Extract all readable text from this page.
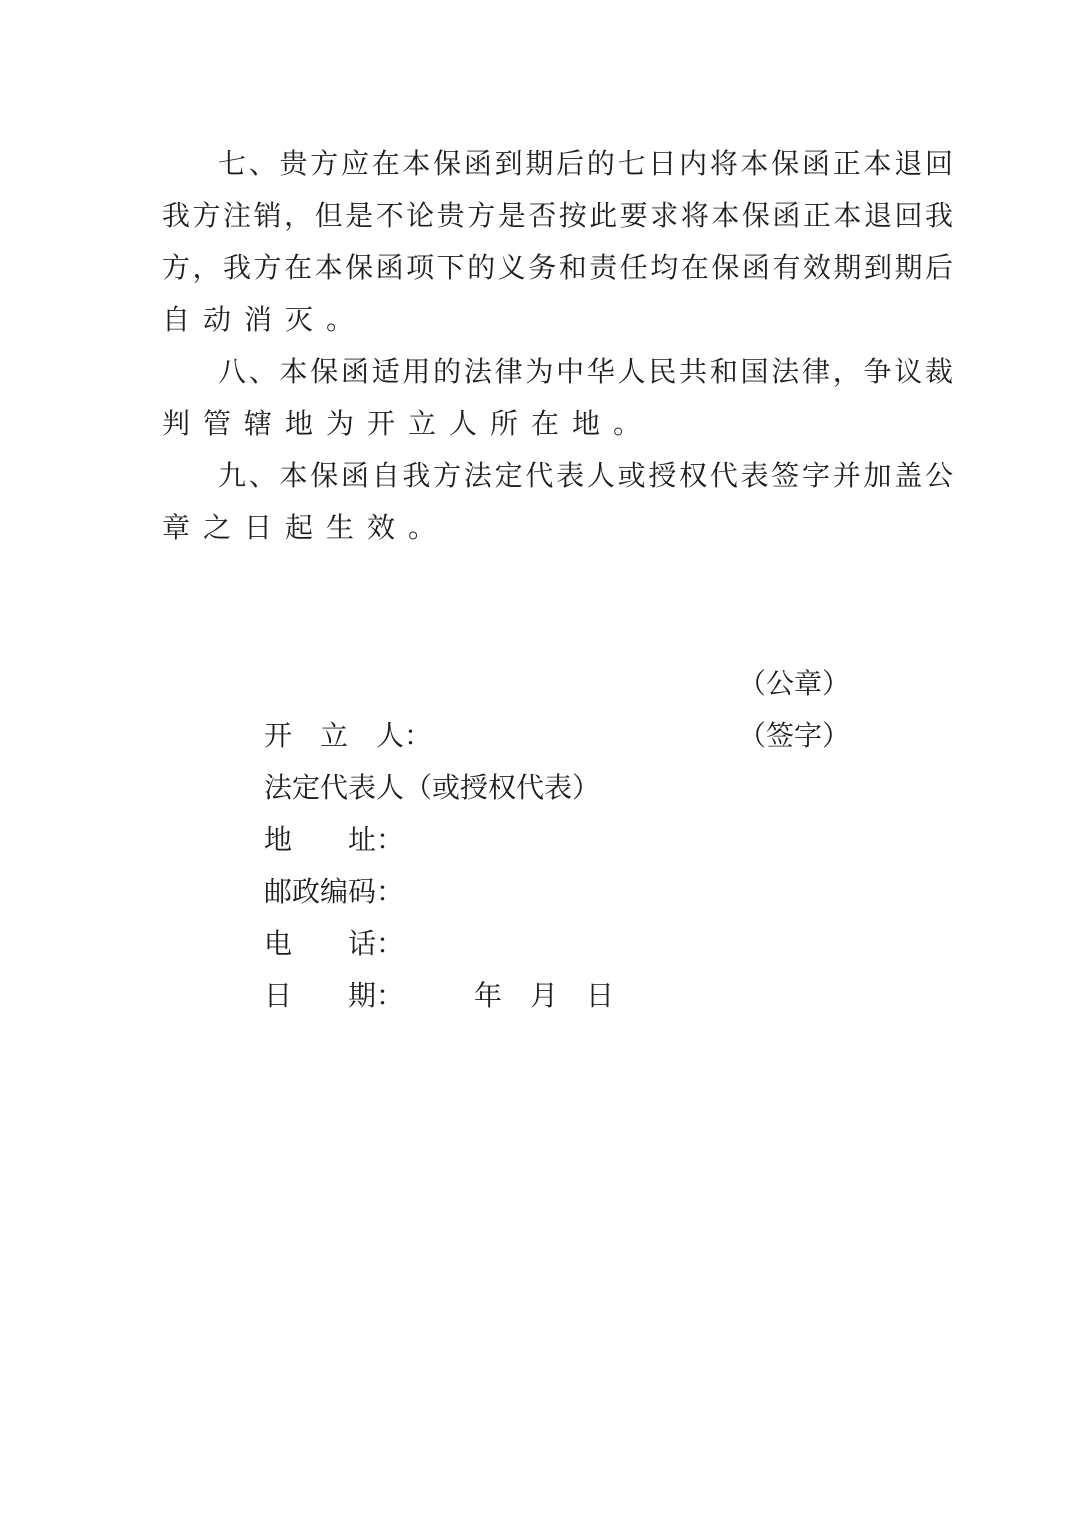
七、贵方应在本保函到期后的七日内将本保函正本退回
我方注销，但是不论贵方是否按此要求将本保函正本退回我
方，我方在本保函项下的义务和责任均在保函有效期到期后
自动消灭。
八、本保函适用的法律为中华人民共和国法律，争议裁
判管辖地为开立人所在地。
九、本保函自我方法定代表人或授权代表签字并加盖公
章之日起生效。

开　立　人：

（公章）

法定代表人（或授权代表）

（签字）

地　　址：

邮政编码：

电　　话：

日　　期：　　　年　月　日
